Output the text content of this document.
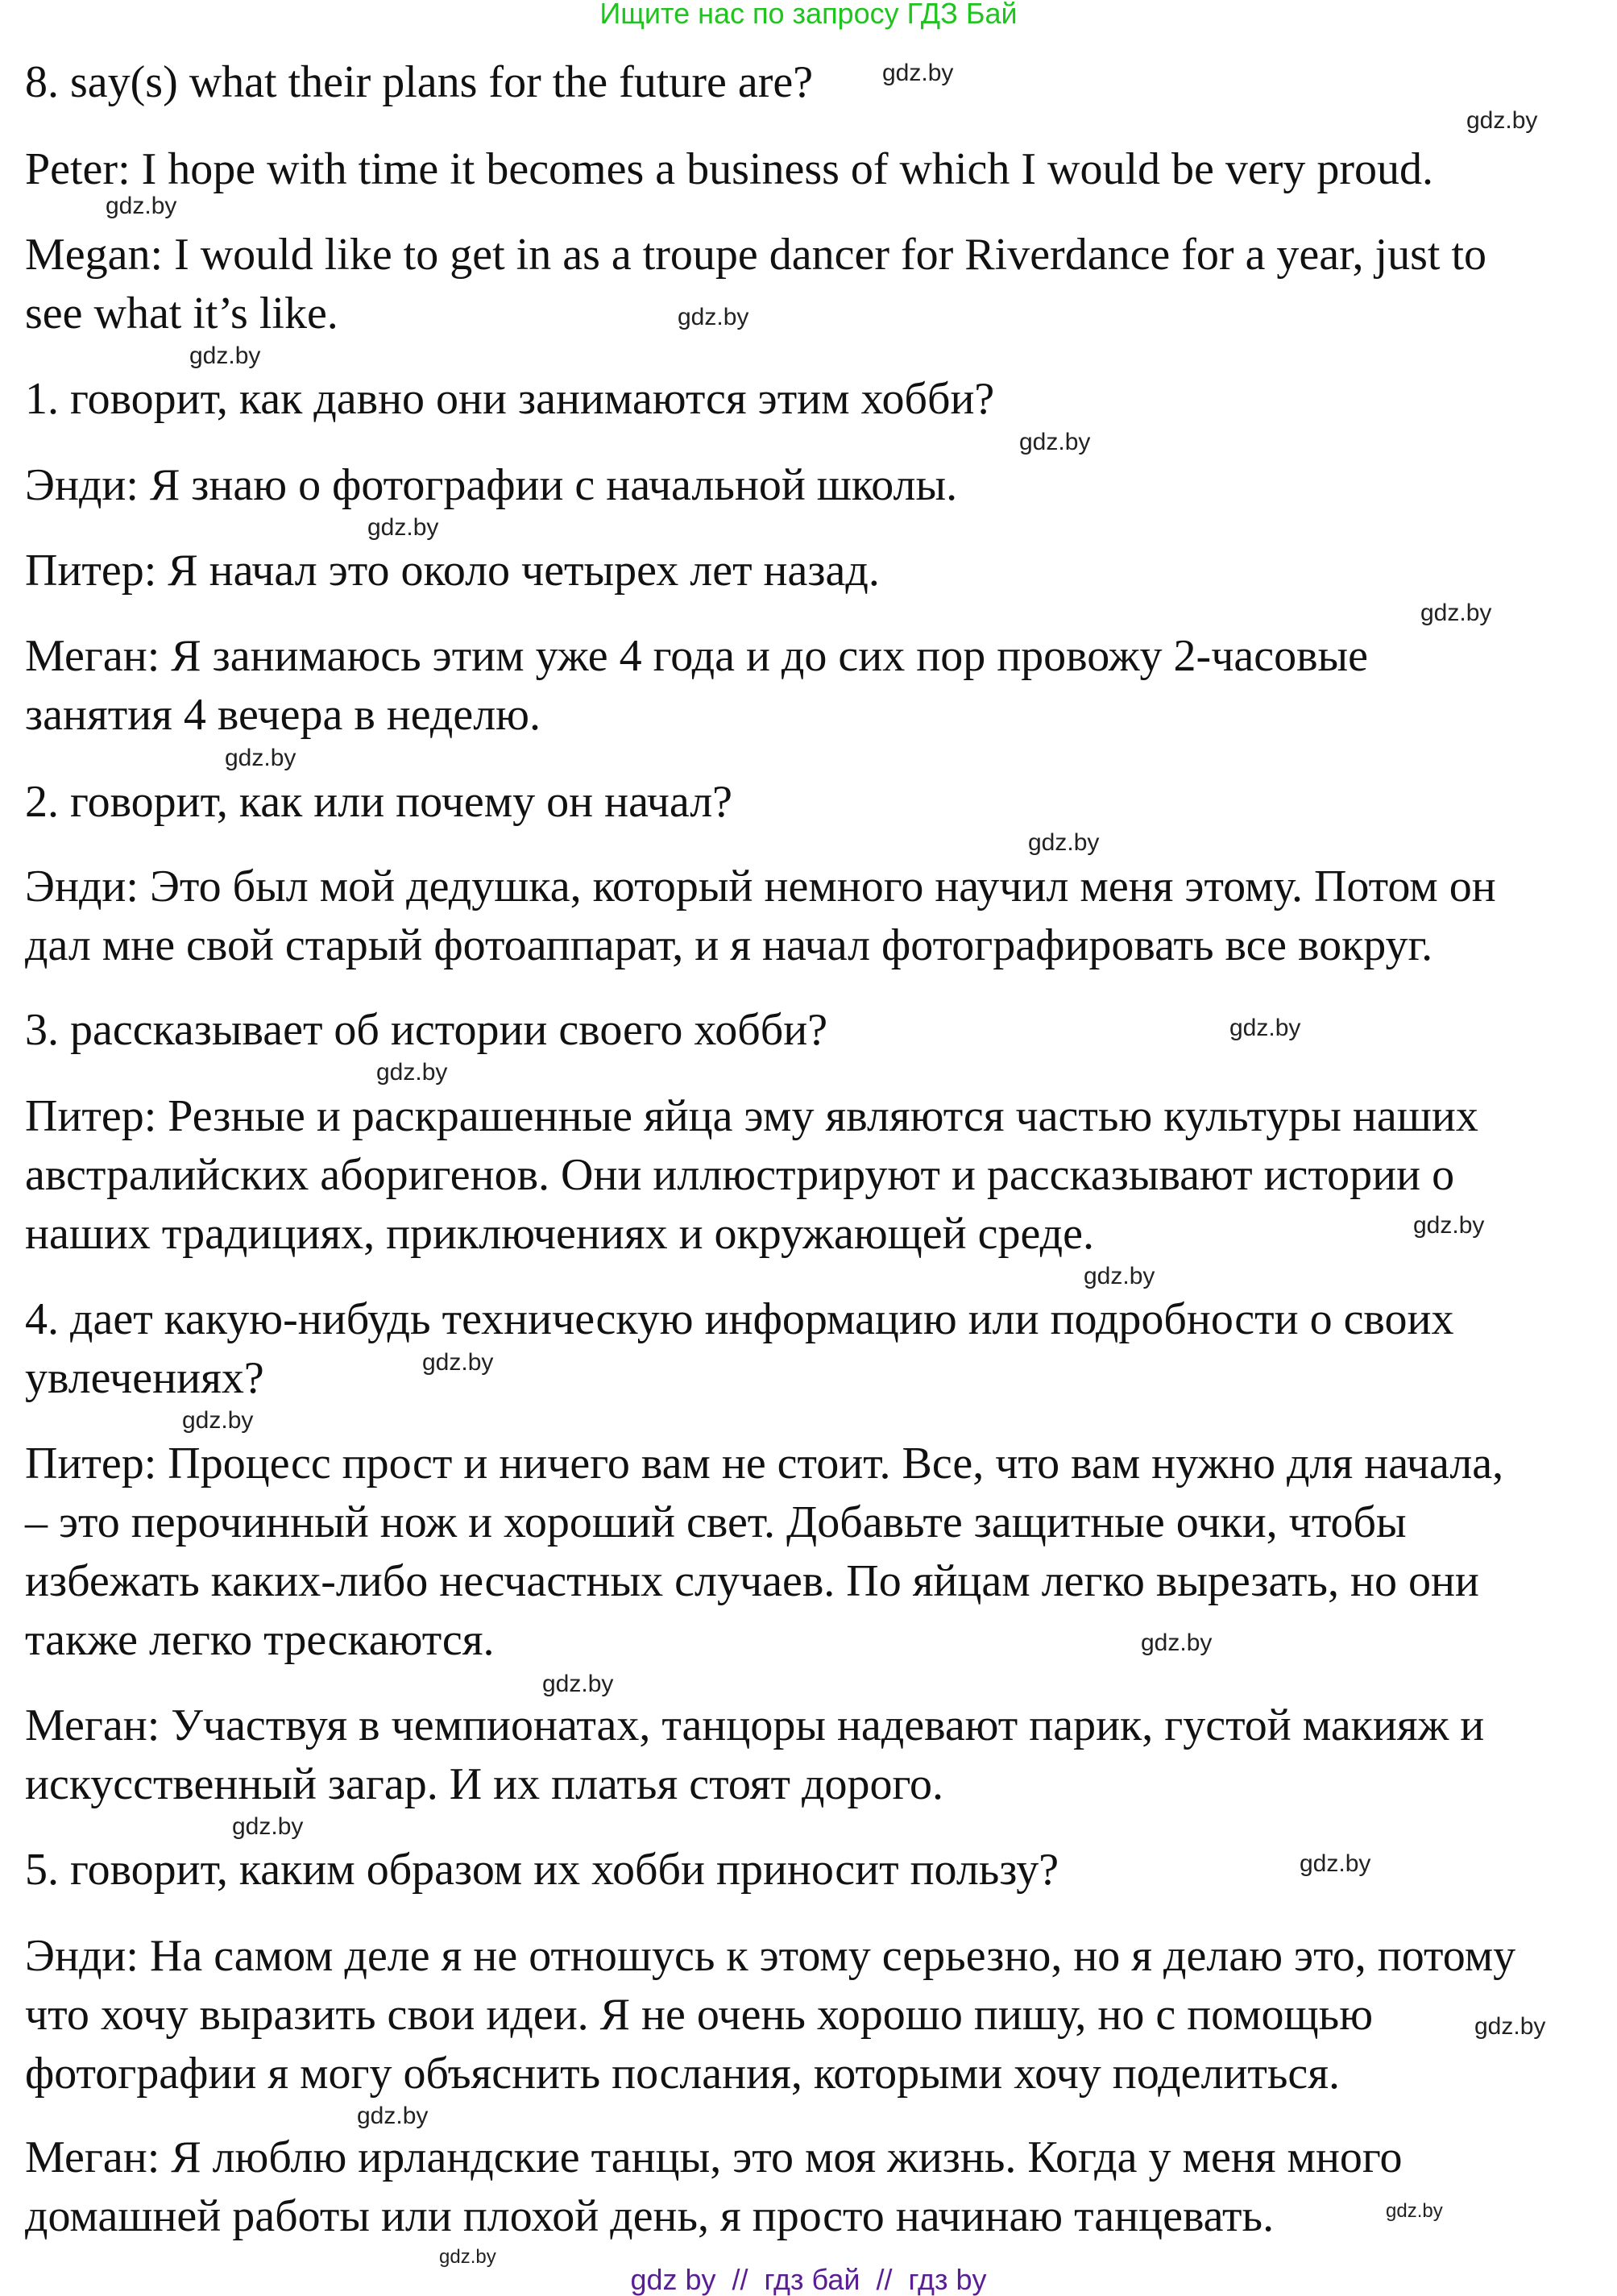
Ищите нас по запросу ГДЗ Бай
8. say(s) what their plans for the future are?
Peter: I hope with time it becomes a business of which I would be very proud.
Megan: I would like to get in as a troupe dancer for Riverdance for a year, just to
see what it’s like.
1. говорит, как давно они занимаются этим хобби?
Энди: Я знаю о фотографии с начальной школы.
Питер: Я начал это около четырех лет назад.
Меган: Я занимаюсь этим уже 4 года и до сих пор провожу 2-часовые
занятия 4 вечера в неделю.
2. говорит, как или почему он начал?
Энди: Это был мой дедушка, который немного научил меня этому. Потом он
дал мне свой старый фотоаппарат, и я начал фотографировать все вокруг.
3. рассказывает об истории своего хобби?
Питер: Резные и раскрашенные яйца эму являются частью культуры наших
австралийских аборигенов. Они иллюстрируют и рассказывают истории о
наших традициях, приключениях и окружающей среде.
4. дает какую-нибудь техническую информацию или подробности о своих
увлечениях?
Питер: Процесс прост и ничего вам не стоит. Все, что вам нужно для начала,
– это перочинный нож и хороший свет. Добавьте защитные очки, чтобы
избежать каких-либо несчастных случаев. По яйцам легко вырезать, но они
также легко трескаются.
Меган: Участвуя в чемпионатах, танцоры надевают парик, густой макияж и
искусственный загар. И их платья стоят дорого.
5. говорит, каким образом их хобби приносит пользу?
Энди: На самом деле я не отношусь к этому серьезно, но я делаю это, потому
что хочу выразить свои идеи. Я не очень хорошо пишу, но с помощью
фотографии я могу объяснить послания, которыми хочу поделиться.
Меган: Я люблю ирландские танцы, это моя жизнь. Когда у меня много
домашней работы или плохой день, я просто начинаю танцевать.
gdz.by
gdz.by
gdz.by
gdz.by
gdz.by
gdz.by
gdz.by
gdz.by
gdz.by
gdz.by
gdz.by
gdz.by
gdz.by
gdz.by
gdz.by
gdz.by
gdz.by
gdz.by
gdz.by
gdz.by
gdz.by
gdz.by
gdz.by
gdz.by
gdz by  //  гдз бай  //  гдз by
